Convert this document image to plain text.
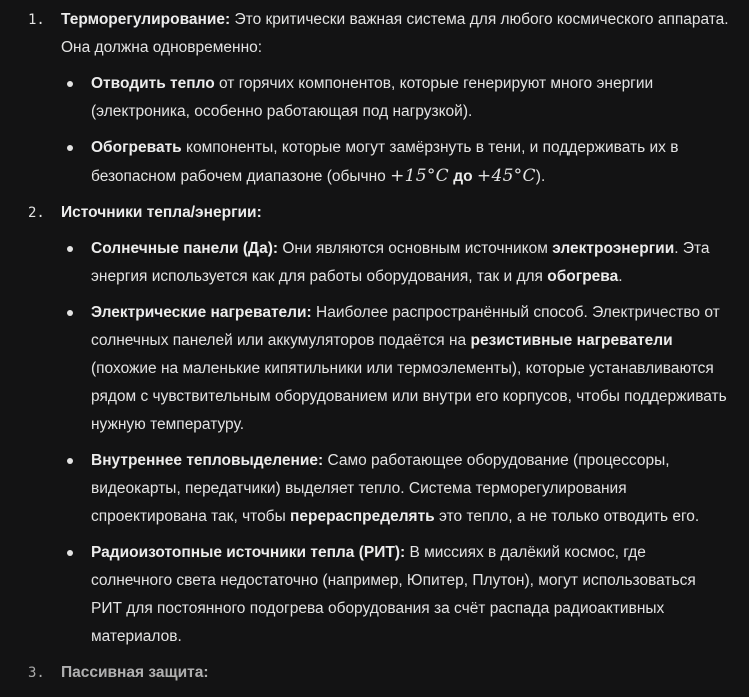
1. Терморегулирование: Это критически важная система для любого космического аппарата. Она должна одновременно:
Отводить тепло от горячих компонентов, которые генерируют много энергии (электроника, особенно работающая под нагрузкой).
Обогревать компоненты, которые могут замёрзнуть в тени, и поддерживать их в безопасном рабочем диапазоне (обычно +15°C до +45°C).
2. Источники тепла/энергии:
Солнечные панели (Да): Они являются основным источником электроэнергии. Эта энергия используется как для работы оборудования, так и для обогрева.
Электрические нагреватели: Наиболее распространённый способ. Электричество от солнечных панелей или аккумуляторов подаётся на резистивные нагреватели (похожие на маленькие кипятильники или термоэлементы), которые устанавливаются рядом с чувствительным оборудованием или внутри его корпусов, чтобы поддерживать нужную температуру.
Внутреннее тепловыделение: Само работающее оборудование (процессоры, видеокарты, передатчики) выделяет тепло. Система терморегулирования спроектирована так, чтобы перераспределять это тепло, а не только отводить его.
Радиоизотопные источники тепла (РИТ): В миссиях в далёкий космос, где солнечного света недостаточно (например, Юпитер, Плутон), могут использоваться РИТ для постоянного подогрева оборудования за счёт распада радиоактивных материалов.
3. Пассивная защита:
